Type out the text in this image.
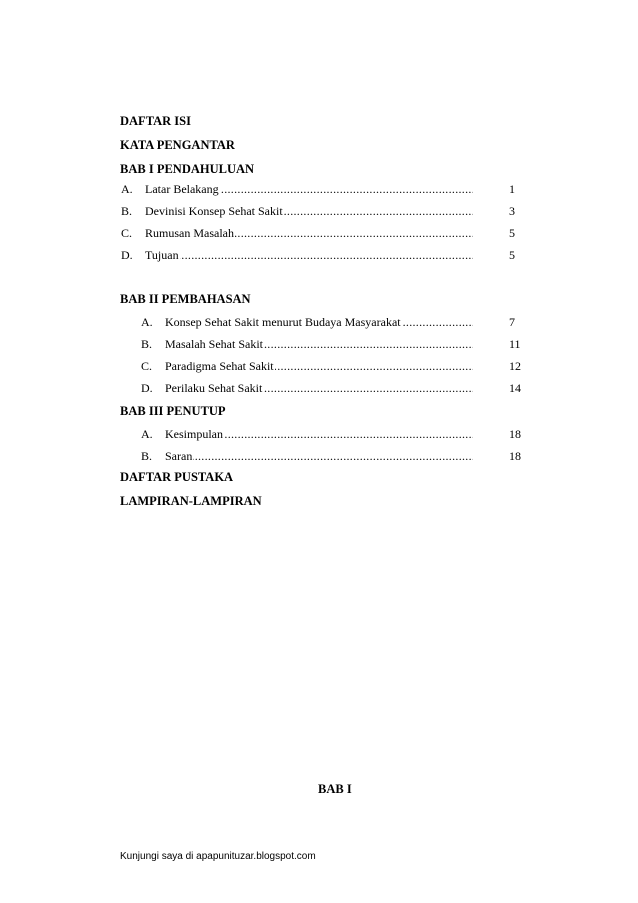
DAFTAR ISI
KATA PENGANTAR
BAB I PENDAHULUAN
A.	Latar Belakang .....	1
B.	Devinisi Konsep Sehat Sakit .....	3
C.	Rumusan Masalah .....	5
D.	Tujuan .....	5
BAB II PEMBAHASAN
A.	Konsep Sehat Sakit menurut Budaya Masyarakat .....	7
B.	Masalah Sehat Sakit .....	11
C.	Paradigma Sehat Sakit .....	12
D.	Perilaku Sehat Sakit .....	14
BAB III PENUTUP
A.	Kesimpulan .....	18
B.	Saran .....	18
DAFTAR PUSTAKA
LAMPIRAN-LAMPIRAN
BAB I
Kunjungi saya di apapunituzar.blogspot.com
